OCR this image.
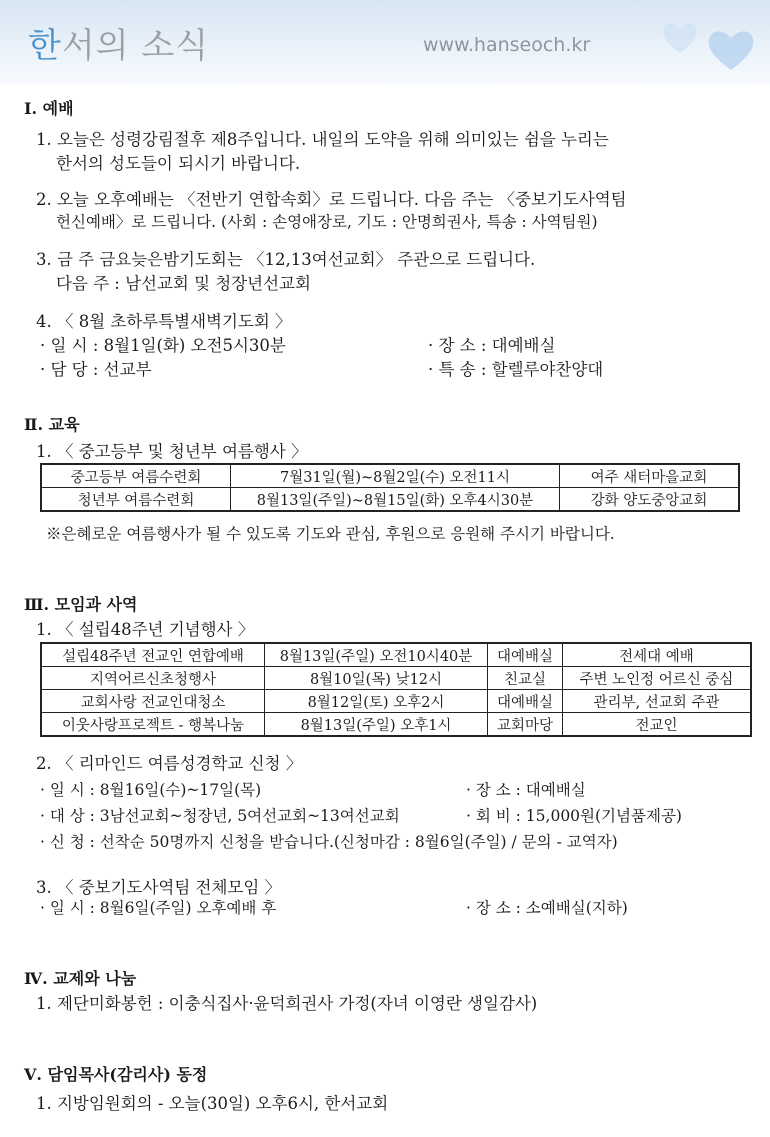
한서의 소식	www.hanseoch.kr
Ⅰ. 예배
1. 오늘은 성령강림절후 제8주입니다. 내일의 도약을 위해 의미있는 쉼을 누리는
한서의 성도들이 되시기 바랍니다.
2. 오늘 오후예배는 〈전반기 연합속회〉로 드립니다. 다음 주는 〈중보기도사역팀
헌신예배〉로 드립니다. (사회 : 손영애장로, 기도 : 안명희권사, 특송 : 사역팀원)
3. 금 주 금요늦은밤기도회는 〈12,13여선교회〉 주관으로 드립니다.
다음 주 : 남선교회 및 청장년선교회
4. 〈 8월 초하루특별새벽기도회 〉
· 일 시 : 8월1일(화) 오전5시30분	· 장 소 : 대예배실
· 담 당 : 선교부	· 특 송 : 할렐루야찬양대
Ⅱ. 교육
1. 〈 중고등부 및 청년부 여름행사 〉
중고등부 여름수련회	7월31일(월)~8월2일(수) 오전11시	여주 새터마을교회
청년부 여름수련회	8월13일(주일)~8월15일(화) 오후4시30분	강화 양도중앙교회
※은혜로운 여름행사가 될 수 있도록 기도와 관심, 후원으로 응원해 주시기 바랍니다.
Ⅲ. 모임과 사역
1. 〈 설립48주년 기념행사 〉
설립48주년 전교인 연합예배	8월13일(주일) 오전10시40분	대예배실	전세대 예배
지역어르신초청행사	8월10일(목) 낮12시	친교실	주변 노인정 어르신 중심
교회사랑 전교인대청소	8월12일(토) 오후2시	대예배실	관리부, 선교회 주관
이웃사랑프로젝트 - 행복나눔	8월13일(주일) 오후1시	교회마당	전교인
2. 〈 리마인드 여름성경학교 신청 〉
· 일 시 : 8월16일(수)~17일(목)	· 장 소 : 대예배실
· 대 상 : 3남선교회~청장년, 5여선교회~13여선교회	· 회 비 : 15,000원(기념품제공)
· 신 청 : 선착순 50명까지 신청을 받습니다.(신청마감 : 8월6일(주일) / 문의 - 교역자)
3. 〈 중보기도사역팀 전체모임 〉
· 일 시 : 8월6일(주일) 오후예배 후	· 장 소 : 소예배실(지하)
Ⅳ. 교제와 나눔
1. 제단미화봉헌 : 이충식집사·윤덕희권사 가정(자녀 이영란 생일감사)
Ⅴ. 담임목사(감리사) 동정
1. 지방임원회의 - 오늘(30일) 오후6시, 한서교회
